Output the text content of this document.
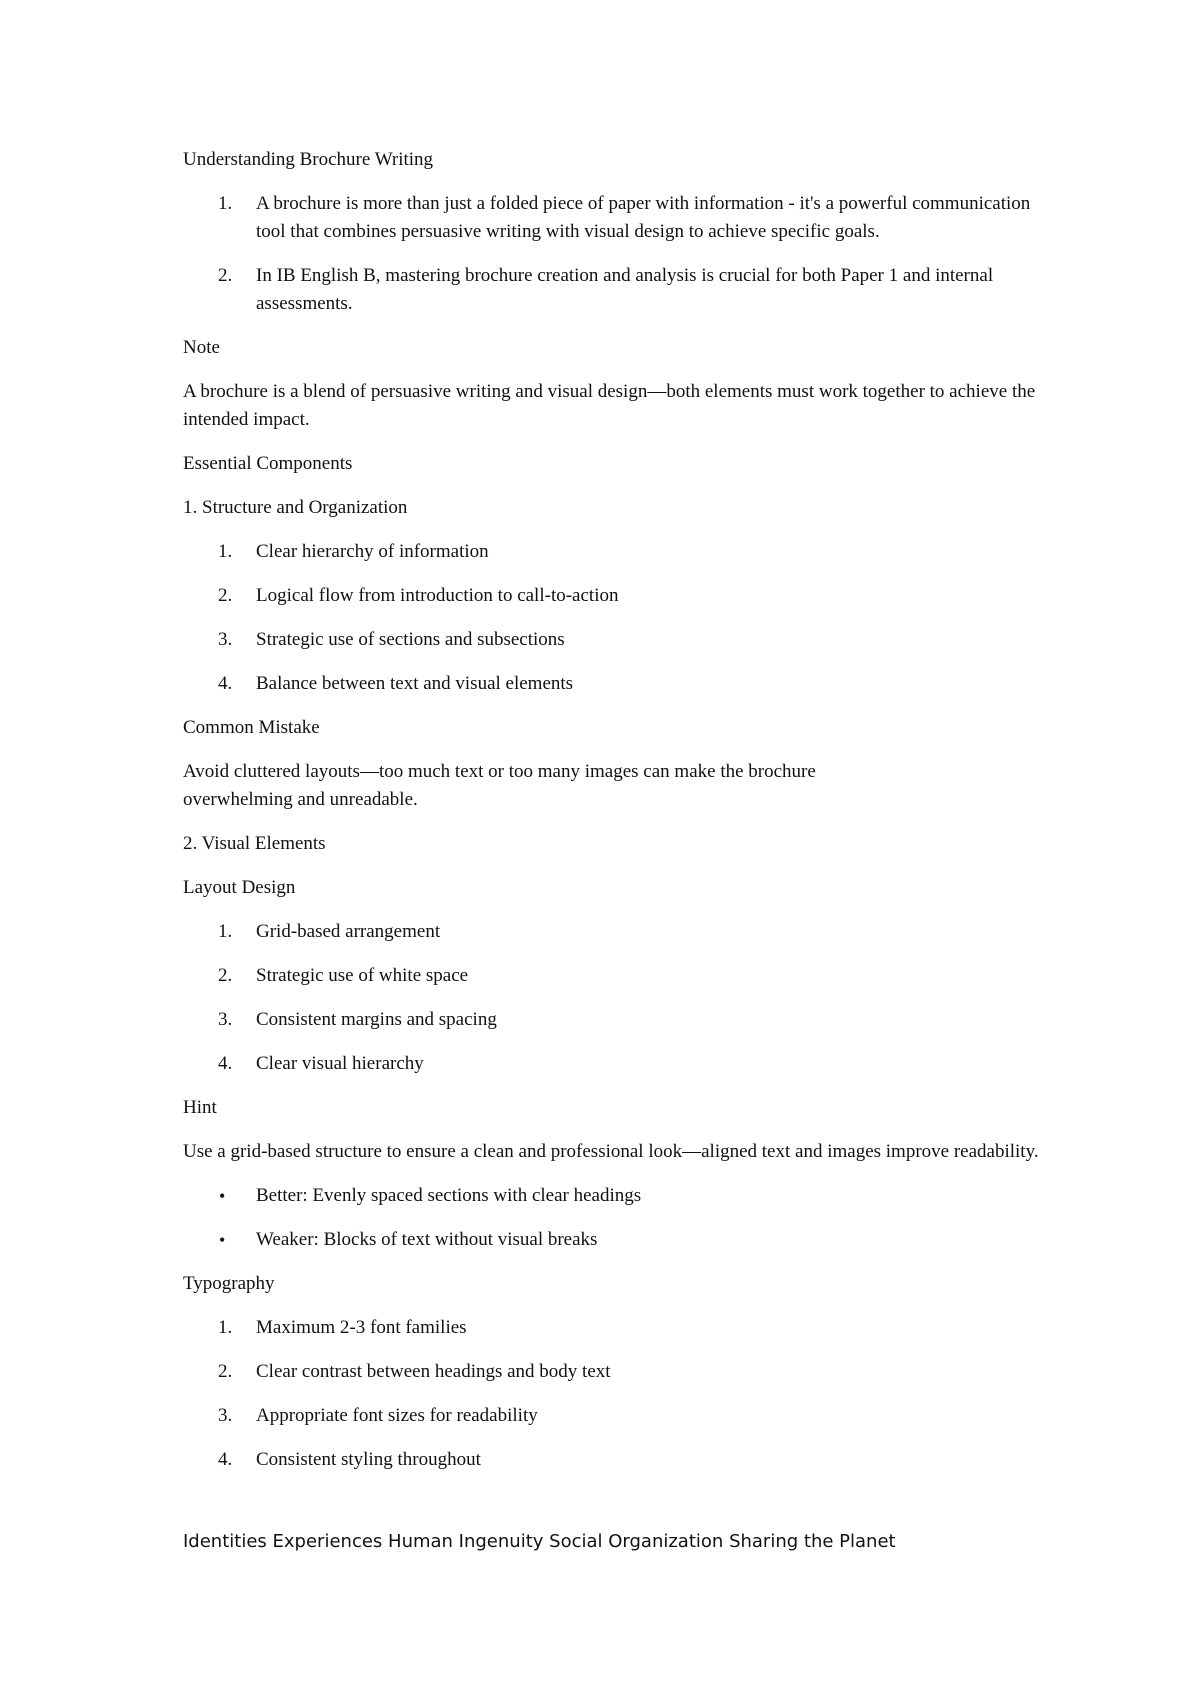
Understanding Brochure Writing
1. A brochure is more than just a folded piece of paper with information - it's a powerful communication tool that combines persuasive writing with visual design to achieve specific goals.
2. In IB English B, mastering brochure creation and analysis is crucial for both Paper 1 and internal assessments.
Note
A brochure is a blend of persuasive writing and visual design—both elements must work together to achieve the intended impact.
Essential Components
1. Structure and Organization
1. Clear hierarchy of information
2. Logical flow from introduction to call-to-action
3. Strategic use of sections and subsections
4. Balance between text and visual elements
Common Mistake
Avoid cluttered layouts—too much text or too many images can make the brochure overwhelming and unreadable.
2. Visual Elements
Layout Design
1. Grid-based arrangement
2. Strategic use of white space
3. Consistent margins and spacing
4. Clear visual hierarchy
Hint
Use a grid-based structure to ensure a clean and professional look—aligned text and images improve readability.
• Better: Evenly spaced sections with clear headings
• Weaker: Blocks of text without visual breaks
Typography
1. Maximum 2-3 font families
2. Clear contrast between headings and body text
3. Appropriate font sizes for readability
4. Consistent styling throughout
Identities Experiences Human Ingenuity Social Organization Sharing the Planet
